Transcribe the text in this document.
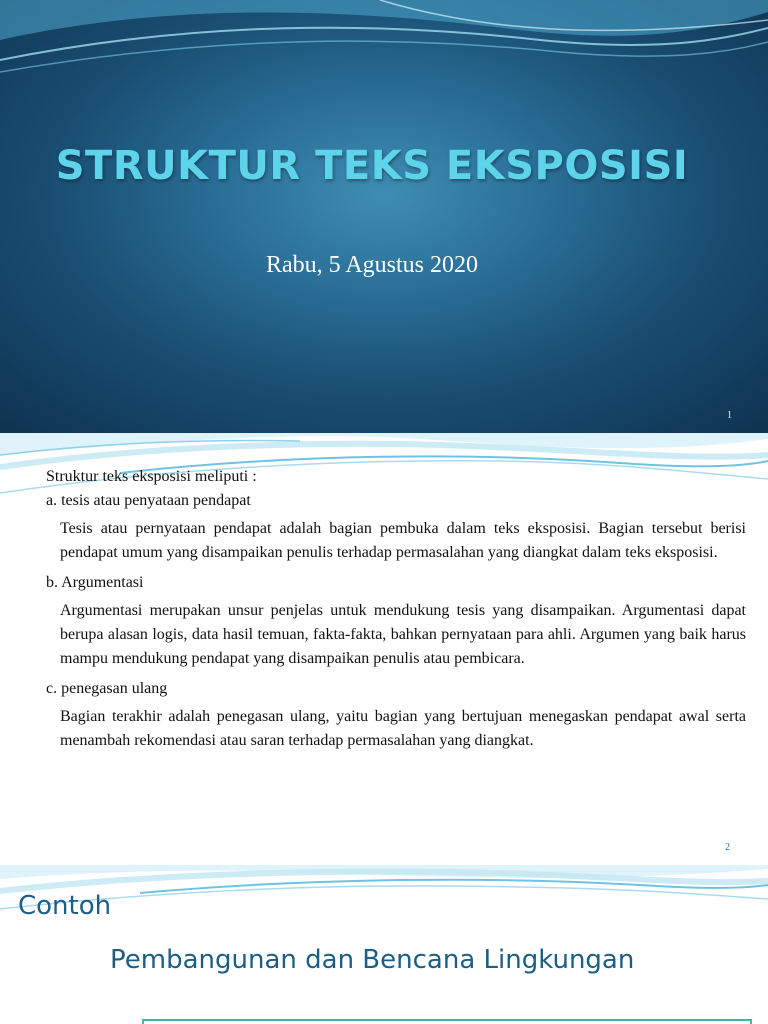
STRUKTUR TEKS EKSPOSISI
Rabu, 5 Agustus 2020
1

Struktur teks eksposisi meliputi :

a. tesis atau penyataan pendapat

Tesis atau pernyataan pendapat adalah bagian pembuka dalam teks eksposisi. Bagian tersebut berisi pendapat umum yang disampaikan penulis terhadap permasalahan yang diangkat dalam teks eksposisi.

b. Argumentasi

Argumentasi merupakan unsur penjelas untuk mendukung tesis yang disampaikan. Argumentasi dapat berupa alasan logis, data hasil temuan, fakta-fakta, bahkan pernyataan para ahli. Argumen yang baik harus mampu mendukung pendapat yang disampaikan penulis atau pembicara.

c. penegasan ulang

Bagian terakhir adalah penegasan ulang, yaitu bagian yang bertujuan menegaskan pendapat awal serta menambah rekomendasi atau saran terhadap permasalahan yang diangkat.

2
Contoh
Pembangunan dan Bencana Lingkungan
